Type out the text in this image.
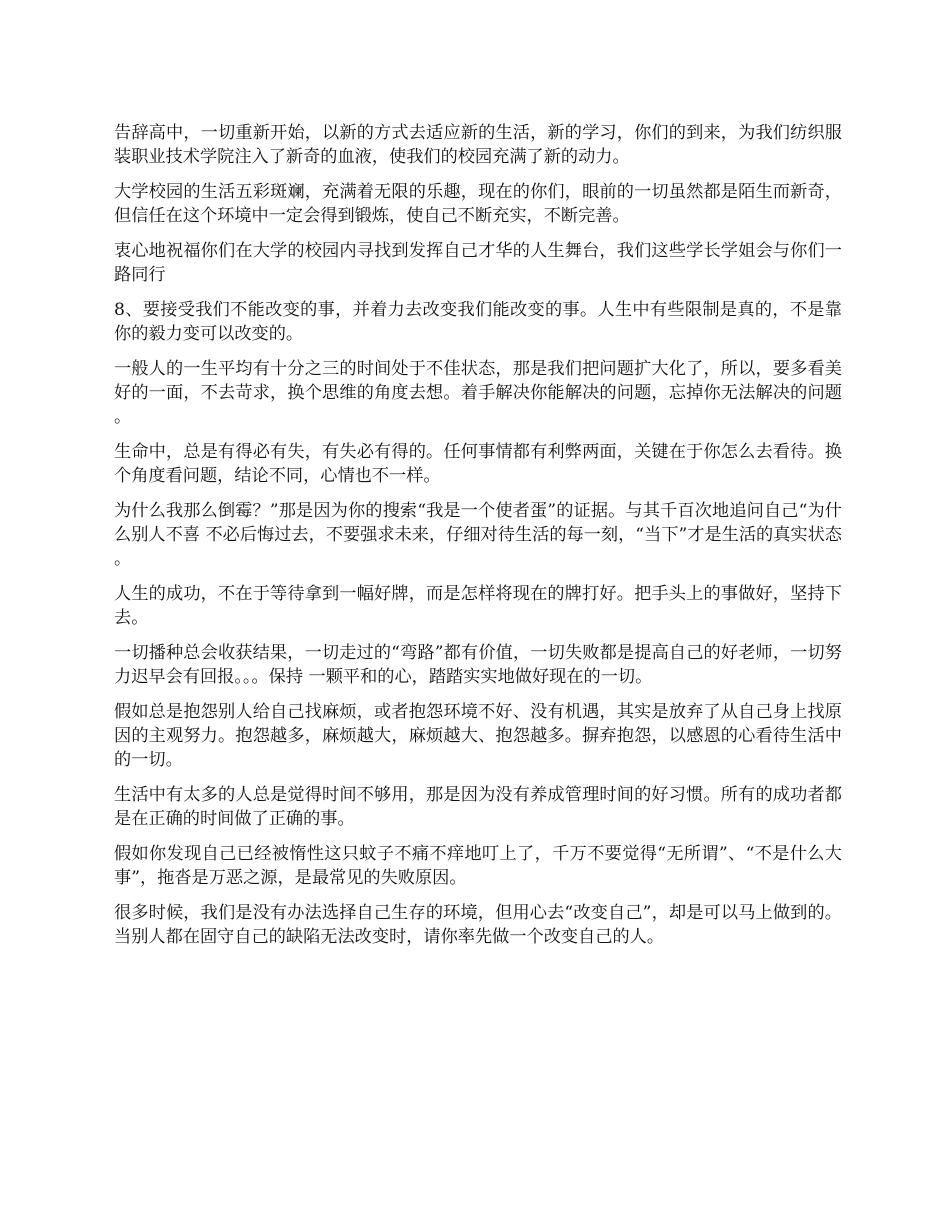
告辞高中，一切重新开始，以新的方式去适应新的生活，新的学习，你们的到来，为我们纺织服装职业技术学院注入了新奇的血液，使我们的校园充满了新的动力。

大学校园的生活五彩斑斓，充满着无限的乐趣，现在的你们，眼前的一切虽然都是陌生而新奇，但信任在这个环境中一定会得到锻炼，使自己不断充实，不断完善。

衷心地祝福你们在大学的校园内寻找到发挥自己才华的人生舞台，我们这些学长学姐会与你们一路同行

8、要接受我们不能改变的事，并着力去改变我们能改变的事。人生中有些限制是真的，不是靠你的毅力变可以改变的。

一般人的一生平均有十分之三的时间处于不佳状态，那是我们把问题扩大化了，所以，要多看美好的一面，不去苛求，换个思维的角度去想。着手解决你能解决的问题，忘掉你无法解决的问题。

生命中，总是有得必有失，有失必有得的。任何事情都有利弊两面，关键在于你怎么去看待。换个角度看问题，结论不同，心情也不一样。

为什么我那么倒霉？”那是因为你的搜索“我是一个使者蛋”的证据。与其千百次地追问自己“为什么别人不喜 不必后悔过去，不要强求未来，仔细对待生活的每一刻，“当下”才是生活的真实状态。

人生的成功，不在于等待拿到一幅好牌，而是怎样将现在的牌打好。把手头上的事做好，坚持下去。

一切播种总会收获结果，一切走过的“弯路”都有价值，一切失败都是提高自己的好老师，一切努力迟早会有回报。。。保持 一颗平和的心，踏踏实实地做好现在的一切。

假如总是抱怨别人给自己找麻烦，或者抱怨环境不好、没有机遇，其实是放弃了从自己身上找原因的主观努力。抱怨越多，麻烦越大，麻烦越大、抱怨越多。摒弃抱怨，以感恩的心看待生活中的一切。

生活中有太多的人总是觉得时间不够用，那是因为没有养成管理时间的好习惯。所有的成功者都是在正确的时间做了正确的事。

假如你发现自己已经被惰性这只蚊子不痛不痒地叮上了，千万不要觉得“无所谓”、“不是什么大事”，拖沓是万恶之源，是最常见的失败原因。

很多时候，我们是没有办法选择自己生存的环境，但用心去“改变自己”，却是可以马上做到的。当别人都在固守自己的缺陷无法改变时，请你率先做一个改变自己的人。
